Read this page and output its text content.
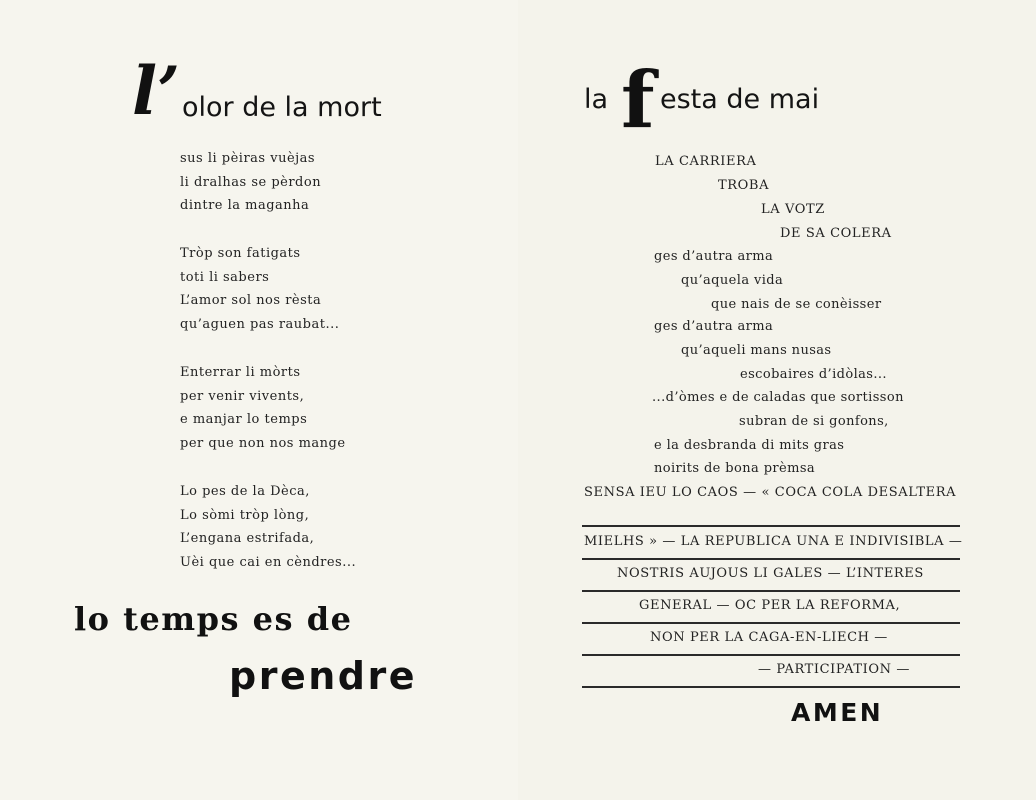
l’ olor de la mort
sus li pèiras vuèjas
li dralhas se pèrdon
dintre la maganha
Tròp son fatigats
toti li sabers
L’amor sol nos rèsta
qu’aguen pas raubat...
Enterrar li mòrts
per venir vivents,
e manjar lo temps
per que non nos mange
Lo pes de la Dèca,
Lo sòmi tròp lòng,
L’engana estrifada,
Uèi que cai en cèndres...
lo temps es de
prendre
la f esta de mai
LA CARRIERA
TROBA
LA VOTZ
DE SA COLERA
ges d’autra arma
qu’aquela vida
que nais de se conèisser
ges d’autra arma
qu’aqueli mans nusas
escobaires d’idòlas...
...d’òmes e de caladas que sortisson
subran de si gonfons,
e la desbranda di mits gras
noirits de bona prèmsa
SENSA IEU LO CAOS — « COCA COLA DESALTERA
MIELHS » — LA REPUBLICA UNA E INDIVISIBLA —
NOSTRIS AUJOUS LI GALES — L’INTERES
GENERAL — OC PER LA REFORMA,
NON PER LA CAGA-EN-LIECH —
— PARTICIPATION —
AMEN
